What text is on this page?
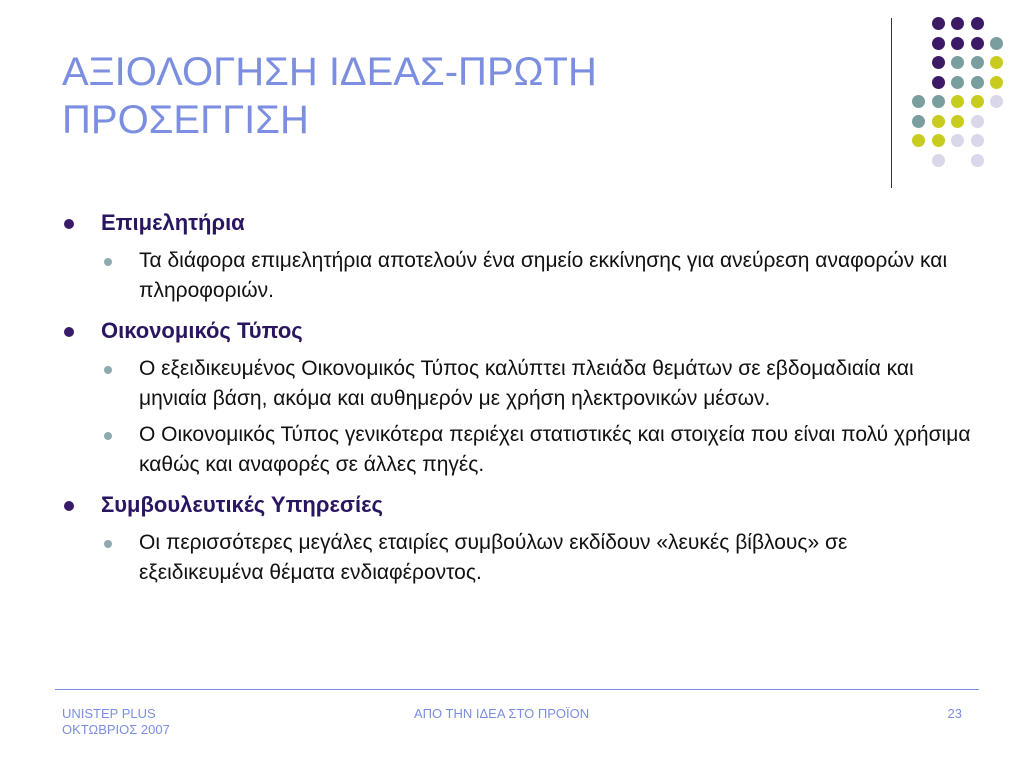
ΑΞΙΟΛΟΓΗΣΗ ΙΔΕΑΣ-ΠΡΩΤΗ
ΠΡΟΣΕΓΓΙΣΗ
Επιμελητήρια
Τα διάφορα επιμελητήρια αποτελούν ένα σημείο εκκίνησης για ανεύρεση αναφορών και πληροφοριών.
Οικονομικός Τύπος
Ο εξειδικευμένος Οικονομικός Τύπος καλύπτει πλειάδα θεμάτων σε εβδομαδιαία και μηνιαία βάση, ακόμα και αυθημερόν με χρήση ηλεκτρονικών μέσων.
Ο Οικονομικός Τύπος γενικότερα περιέχει στατιστικές και στοιχεία που είναι πολύ χρήσιμα καθώς και αναφορές σε άλλες πηγές.
Συμβουλευτικές Υπηρεσίες
Οι περισσότερες μεγάλες εταιρίες συμβούλων εκδίδουν «λευκές βίβλους» σε εξειδικευμένα θέματα ενδιαφέροντος.
UNISTEP PLUS
ΟΚΤΩΒΡΙΟΣ 2007
ΑΠΟ ΤΗΝ ΙΔΕΑ ΣΤΟ ΠΡΟΪΟΝ	23
